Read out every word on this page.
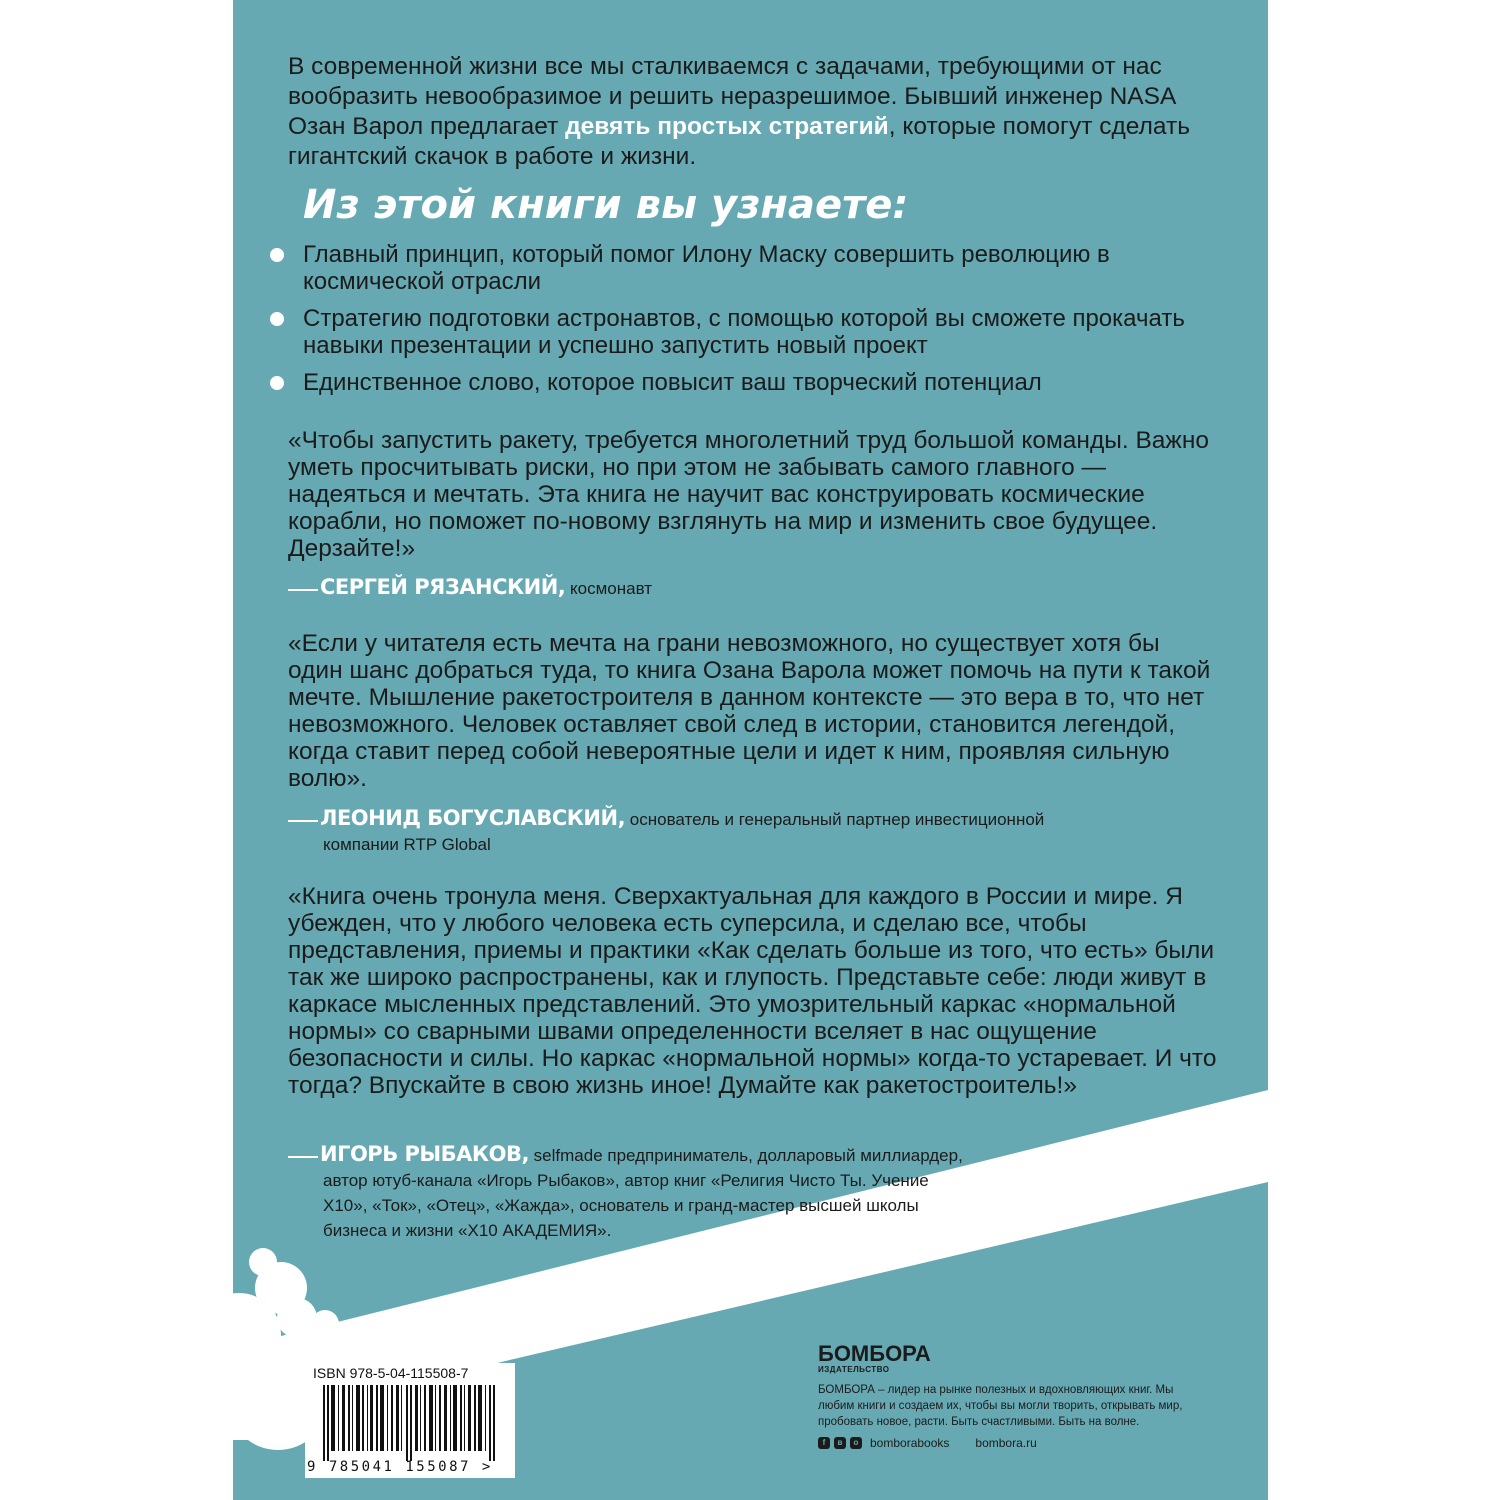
В современной жизни все мы сталкиваемся с задачами, требующими от нас вообразить невообразимое и решить неразрешимое. Бывший инженер NASA Озан Варол предлагает девять простых стратегий, которые помогут сделать гигантский скачок в работе и жизни.

Из этой книги вы узнаете:
Главный принцип, который помог Илону Маску совершить революцию в космической отрасли
Стратегию подготовки астронавтов, с помощью которой вы сможете прокачать навыки презентации и успешно запустить новый проект
Единственное слово, которое повысит ваш творческий потенциал

«Чтобы запустить ракету, требуется многолетний труд большой команды. Важно уметь просчитывать риски, но при этом не забывать самого главного — надеяться и мечтать. Эта книга не научит вас конструировать космические корабли, но поможет по-новому взглянуть на мир и изменить свое будущее. Дерзайте!»

СЕРГЕЙ РЯЗАНСКИЙ, космонавт

«Если у читателя есть мечта на грани невозможного, но существует хотя бы один шанс добраться туда, то книга Озана Варола может помочь на пути к такой мечте. Мышление ракетостроителя в данном контексте — это вера в то, что нет невозможного. Человек оставляет свой след в истории, становится легендой, когда ставит перед собой невероятные цели и идет к ним, проявляя сильную волю».

ЛЕОНИД БОГУСЛАВСКИЙ, основатель и генеральный партнер инвестиционной
компании RTP Global

«Книга очень тронула меня. Сверхактуальная для каждого в России и мире. Я убежден, что у любого человека есть суперсила, и сделаю все, чтобы представления, приемы и практики «Как сделать больше из того, что есть» были так же широко распространены, как и глупость. Представьте себе: люди живут в каркасе мысленных представлений. Это умозрительный каркас «нормальной нормы» со сварными швами определенности вселяет в нас ощущение безопасности и силы. Но каркас «нормальной нормы» когда-то устаревает. И что тогда? Впускайте в свою жизнь иное! Думайте как ракетостроитель!»

ИГОРЬ РЫБАКОВ, selfmade предприниматель, долларовый миллиардер,
автор ютуб-канала «Игорь Рыбаков», автор книг «Религия Чисто Ты. Учение Х10», «Ток», «Отец», «Жажда», основатель и гранд-мастер высшей школы бизнеса и жизни «Х10 АКАДЕМИЯ».

ISBN 978-5-04-115508-7

9 785041 155087 >

БОМБОРА

ИЗДАТЕЛЬСТВО

БОМБОРА – лидер на рынке полезных и вдохновляющих книг. Мы любим книги и создаем их, чтобы вы могли творить, открывать мир, пробовать новое, расти. Быть счастливыми. Быть на волне.

f	в	о bomborabooks bombora.ru
